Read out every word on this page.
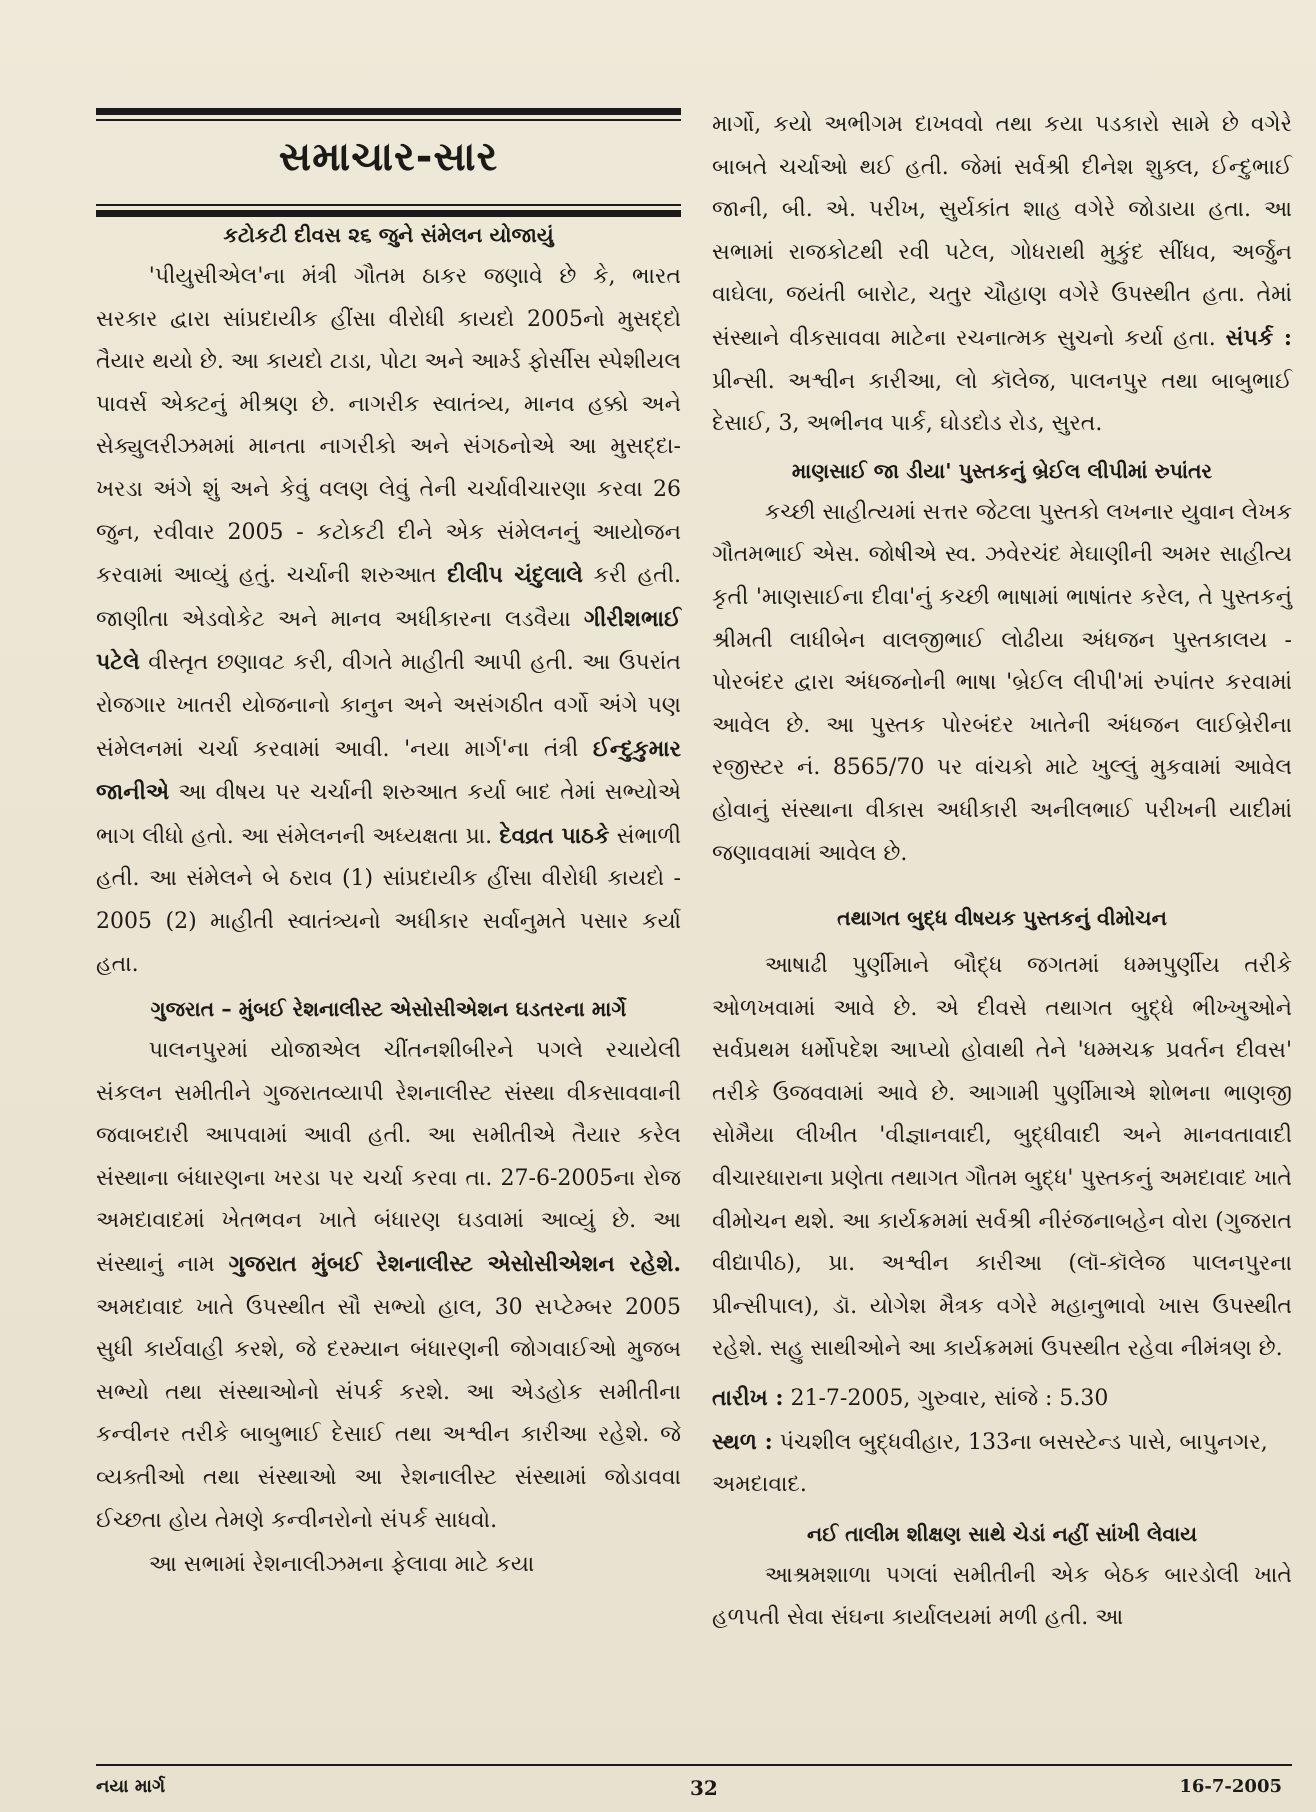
સમાચાર-સાર
કટોકટી દીવસ ૨૬ જુને સંમેલન યોજાયું

'પીયુસીએલ'ના મંત્રી ગૌતમ ઠાકર જણાવે છે કે, ભારત સરકાર દ્વારા સાંપ્રદાયીક હીંસા વીરોધી કાયદો 2005નો મુસદ્દો તૈયાર થયો છે. આ કાયદો ટાડા, પોટા અને આર્મ્ડ ફોર્સીસ સ્પેશીયલ પાવર્સ એક્ટનું મીશ્રણ છે. નાગરીક સ્વાતંત્ર્ય, માનવ હક્કો અને સેક્યુલરીઝમમાં માનતા નાગરીકો અને સંગઠનોએ આ મુસદ્દા-ખરડા અંગે શું અને કેવું વલણ લેવું તેની ચર્ચાવીચારણા કરવા 26 જુન, રવીવાર 2005 - કટોકટી દીને એક સંમેલનનું આયોજન કરવામાં આવ્યું હતું. ચર્ચાની શરુઆત દીલીપ ચંદુલાલે કરી હતી. જાણીતા એડવોકેટ અને માનવ અધીકારના લડવૈયા ગીરીશભાઈ પટેલે વીસ્તૃત છણાવટ કરી, વીગતે માહીતી આપી હતી. આ ઉપરાંત રોજગાર ખાતરી યોજનાનો કાનુન અને અસંગઠીત વર્ગો અંગે પણ સંમેલનમાં ચર્ચા કરવામાં આવી. 'નયા માર્ગ'ના તંત્રી ઈન્દુકુમાર જાનીએ આ વીષય પર ચર્ચાની શરુઆત કર્યા બાદ તેમાં સભ્યોએ ભાગ લીધો હતો. આ સંમેલનની અધ્યક્ષતા પ્રા. દેવવ્રત પાઠકે સંભાળી હતી. આ સંમેલને બે ઠરાવ (1) સાંપ્રદાયીક હીંસા વીરોધી કાયદો - 2005 (2) માહીતી સ્વાતંત્ર્યનો અધીકાર સર્વાનુમતે પસાર કર્યા હતા.

ગુજરાત – મુંબઈ રેશનાલીસ્ટ એસોસીએશન ઘડતરના માર્ગે

પાલનપુરમાં યોજાએલ ચીંતનશીબીરને પગલે રચાયેલી સંકલન સમીતીને ગુજરાતવ્યાપી રેશનાલીસ્ટ સંસ્થા વીકસાવવાની જવાબદારી આપવામાં આવી હતી. આ સમીતીએ તૈયાર કરેલ સંસ્થાના બંધારણના ખરડા પર ચર્ચા કરવા તા. 27-6-2005ના રોજ અમદાવાદમાં ખેતભવન ખાતે બંધારણ ઘડવામાં આવ્યું છે. આ સંસ્થાનું નામ ગુજરાત મુંબઈ રેશનાલીસ્ટ એસોસીએશન રહેશે. અમદાવાદ ખાતે ઉપસ્થીત સૌ સભ્યો હાલ, 30 સપ્ટેમ્બર 2005 સુધી કાર્યવાહી કરશે, જે દરમ્યાન બંધારણની જોગવાઈઓ મુજબ સભ્યો તથા સંસ્થાઓનો સંપર્ક કરશે. આ એડહોક સમીતીના કન્વીનર તરીકે બાબુભાઈ દેસાઈ તથા અશ્વીન કારીઆ રહેશે. જે વ્યક્તીઓ તથા સંસ્થાઓ આ રેશનાલીસ્ટ સંસ્થામાં જોડાવવા ઈચ્છતા હોય તેમણે કન્વીનરોનો સંપર્ક સાધવો.

આ સભામાં રેશનાલીઝમના ફેલાવા માટે કયા

માર્ગો, કયો અભીગમ દાખવવો તથા કયા પડકારો સામે છે વગેરે બાબતે ચર્ચાઓ થઈ હતી. જેમાં સર્વશ્રી દીનેશ શુક્લ, ઈન્દુભાઈ જાની, બી. એ. પરીખ, સુર્યકાંત શાહ વગેરે જોડાયા હતા. આ સભામાં રાજકોટથી રવી પટેલ, ગોધરાથી મુકુંદ સીંધવ, અર્જુન વાઘેલા, જયંતી બારોટ, ચતુર ચૌહાણ વગેરે ઉપસ્થીત હતા. તેમાં સંસ્થાને વીકસાવવા માટેના રચનાત્મક સુચનો કર્યા હતા. સંપર્ક : પ્રીન્સી. અશ્વીન કારીઆ, લો કૉલેજ, પાલનપુર તથા બાબુભાઈ દેસાઈ, 3, અભીનવ પાર્ક, ઘોડદોડ રોડ, સુરત.

માણસાઈ જા ડીયા' પુસ્તકનું બ્રેઈલ લીપીમાં રુપાંતર

કચ્છી સાહીત્યમાં સત્તર જેટલા પુસ્તકો લખનાર યુવાન લેખક ગૌતમભાઈ એસ. જોષીએ સ્વ. ઝવેરચંદ મેઘાણીની અમર સાહીત્ય કૃતી 'માણસાઈના દીવા'નું કચ્છી ભાષામાં ભાષાંતર કરેલ, તે પુસ્તકનું શ્રીમતી લાધીબેન વાલજીભાઈ લોઢીયા અંધજન પુસ્તકાલય - પોરબંદર દ્વારા અંધજનોની ભાષા 'બ્રેઈલ લીપી'માં રુપાંતર કરવામાં આવેલ છે. આ પુસ્તક પોરબંદર ખાતેની અંધજન લાઈબ્રેરીના રજીસ્ટર નં. 8565/70 પર વાંચકો માટે ખુલ્લું મુકવામાં આવેલ હોવાનું સંસ્થાના વીકાસ અધીકારી અનીલભાઈ પરીખની યાદીમાં જણાવવામાં આવેલ છે.

તથાગત બુદ્ધ વીષયક પુસ્તકનું વીમોચન

આષાઢી પુર્ણીમાને બૌદ્ધ જગતમાં ધમ્મપુર્ણીય તરીકે ઓળખવામાં આવે છે. એ દીવસે તથાગત બુદ્ધે ભીખ્ખુઓને સર્વપ્રથમ ધર્મોપદેશ આપ્યો હોવાથી તેને 'ધમ્મચક્ર પ્રવર્તન દીવસ' તરીકે ઉજવવામાં આવે છે. આગામી પુર્ણીમાએ શોભના ભાણજી સોમૈયા લીખીત 'વીજ્ઞાનવાદી, બુદ્ધીવાદી અને માનવતાવાદી વીચારધારાના પ્રણેતા તથાગત ગૌતમ બુદ્ધ' પુસ્તકનું અમદાવાદ ખાતે વીમોચન થશે. આ કાર્યક્રમમાં સર્વશ્રી નીરંજનાબહેન વોરા (ગુજરાત વીદ્યાપીઠ), પ્રા. અશ્વીન કારીઆ (લૉ-કૉલેજ પાલનપુરના પ્રીન્સીપાલ), ડૉ. યોગેશ મૈત્રક વગેરે મહાનુભાવો ખાસ ઉપસ્થીત રહેશે. સહુ સાથીઓને આ કાર્યક્રમમાં ઉપસ્થીત રહેવા નીમંત્રણ છે.

તારીખ : 21-7-2005, ગુરુવાર, સાંજે : 5.30
સ્થળ : પંચશીલ બુદ્ધવીહાર, 133ના બસસ્ટેન્ડ પાસે, બાપુનગર, અમદાવાદ.
નઈ તાલીમ શીક્ષણ સાથે ચેડાં નહીં સાંખી લેવાય

આશ્રમશાળા પગલાં સમીતીની એક બેઠક બારડોલી ખાતે હળપતી સેવા સંઘના કાર્યાલયમાં મળી હતી. આ

નયા માર્ગ	32	16-7-2005
